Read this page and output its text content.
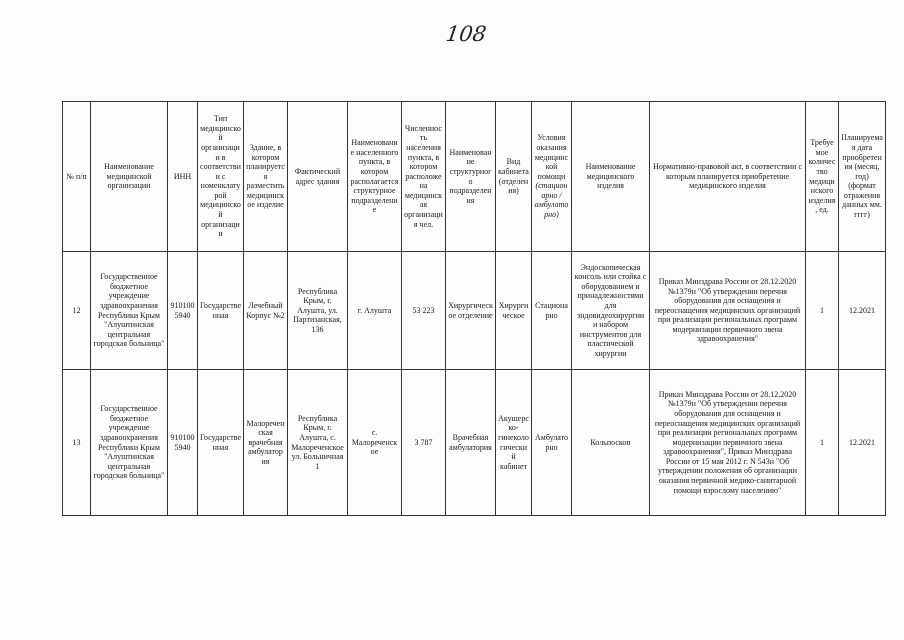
108
№ п/п	Наименование медицинской организации	ИНН	Тип медицинской организации в соответствии с номенклатурой медицинской организации	Здание, в котором планируется разместить медицинское изделие	Фактический адрес здания	Наименование населенного пункта, в котором располагается структурное подразделение	Численность населения пункта, в котором расположена медицинская организация чел.	Наименование структурного подразделения	Вид кабинета (отделения)	Условия оказания медицинской помощи (стационарно / амбулаторно)	Наименование медицинского изделия	Нормативно-правовой акт, в соответствии с которым планируется приобретение медицинского изделия	Требуемое количество медицинского изделия, ед.	Планируемая дата приобретения (месяц, год) (формат отражения данных мм. гггг)
12	Государственное бюджетное учреждение здравоохранения Республики Крым "Алуштинская центральная городская больница"	9101005940	Государственная	Лечебный Корпус №2	Республика Крым, г. Алушта, ул. Партизанская, 136	г. Алушта	53 223	Хирургическое отделение	Хирургическое	Стационарно	Эндоскопическая консоль или стойка с оборудованием и принадлежностями для эндовидеохирургии и набором инструментов для пластической хирургии	Приказ Минздрава России от 28.12.2020 №1379н "Об утверждении перечня оборудования для оснащения и переоснащения медицинских организаций при реализации региональных программ модернизации первичного звена здравоохранения"	1	12.2021
13	Государственное бюджетное учреждение здравоохранения Республики Крым "Алуштинская центральная городская больница"	9101005940	Государственная	Малореченская врачебная амбулатория	Республика Крым, г. Алушта, с. Малореченское ул. Больничная 1	с. Малореченское	3 787	Врачебная амбулатория	Акушерско-гинекологический кабинет	Амбулаторно	Кольпоскоп	Приказ Минздрава России от 28.12.2020 №1379н "Об утверждении перечня оборудования для оснащения и переоснащения медицинских организаций при реализации региональных программ модернизации первичного звена здравоохранения", Приказ Минздрава России от 15 мая 2012 г. N 543н "Об утверждении положения об организации оказания первичной медико-санитарной помощи взрослому населению"	1	12.2021
